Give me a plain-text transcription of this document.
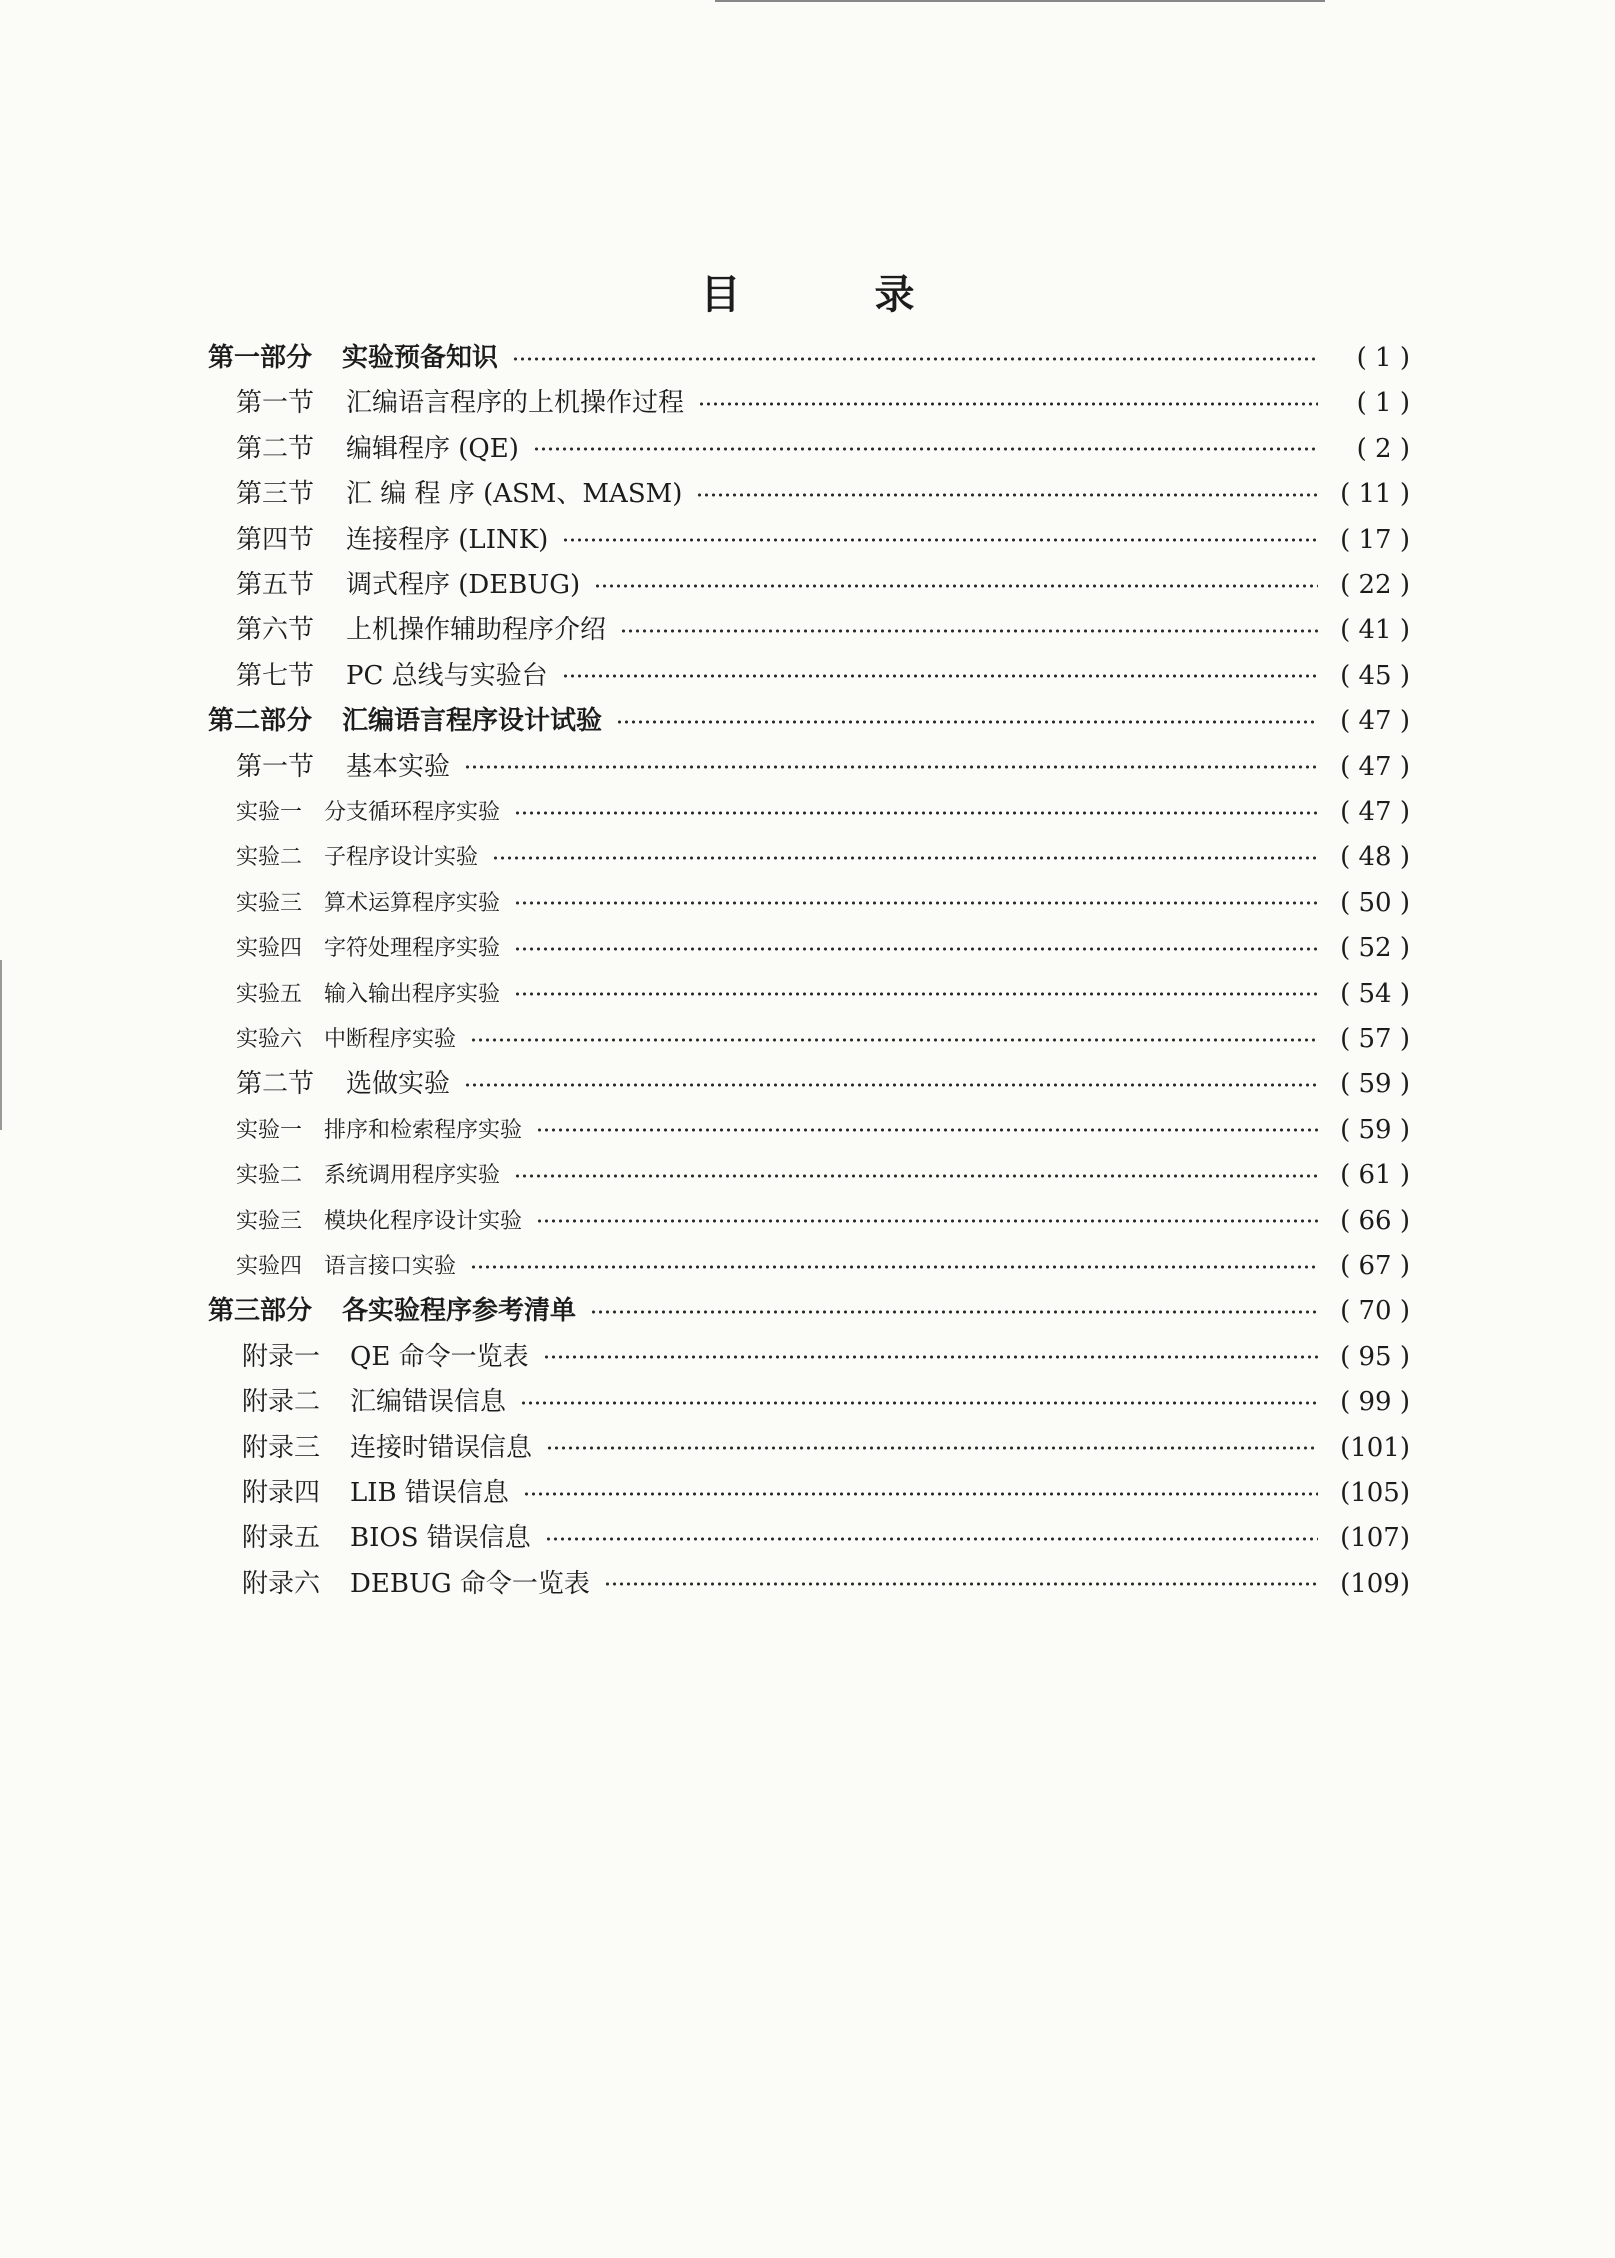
目 录
第一部分 实验预备知识	( 1 )
第一节 汇编语言程序的上机操作过程	( 1 )
第二节 编辑程序 (QE)	( 2 )
第三节 汇 编 程 序 (ASM、MASM)	( 11 )
第四节 连接程序 (LINK)	( 17 )
第五节 调式程序 (DEBUG)	( 22 )
第六节 上机操作辅助程序介绍	( 41 )
第七节 PC 总线与实验台	( 45 )
第二部分 汇编语言程序设计试验	( 47 )
第一节 基本实验	( 47 )
实验一 分支循环程序实验	( 47 )
实验二 子程序设计实验	( 48 )
实验三 算术运算程序实验	( 50 )
实验四 字符处理程序实验	( 52 )
实验五 输入输出程序实验	( 54 )
实验六 中断程序实验	( 57 )
第二节 选做实验	( 59 )
实验一 排序和检索程序实验	( 59 )
实验二 系统调用程序实验	( 61 )
实验三 模块化程序设计实验	( 66 )
实验四 语言接口实验	( 67 )
第三部分 各实验程序参考清单	( 70 )
附录一 QE 命令一览表	( 95 )
附录二 汇编错误信息	( 99 )
附录三 连接时错误信息	(101)
附录四 LIB 错误信息	(105)
附录五 BIOS 错误信息	(107)
附录六 DEBUG 命令一览表	(109)
